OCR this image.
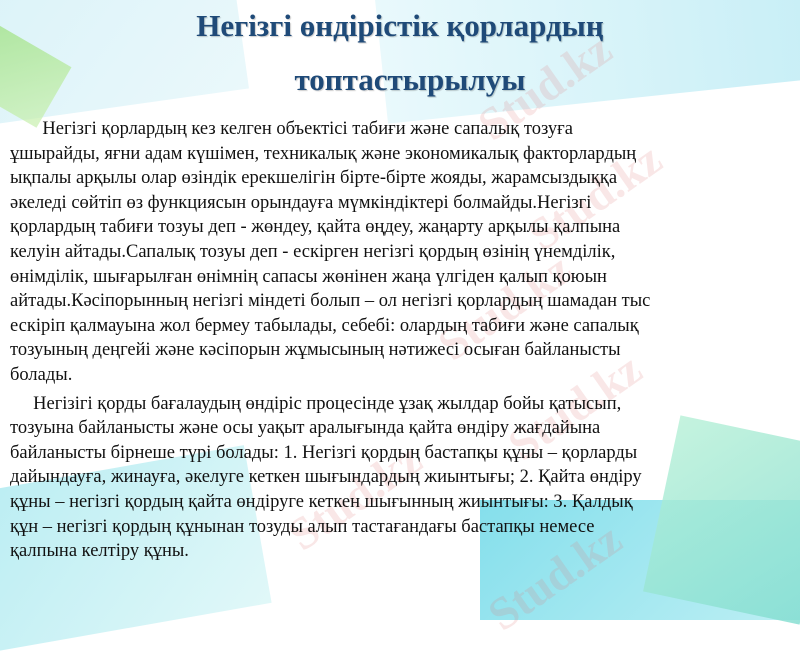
Stud.kz
Stud.kz
Stud.kz
Stud.kz
Stud.kz
Stud.kz
Негізгі өндірістік қорлардың
топтастырылуы

Негізгі қорлардың кез келген объектісі табиғи және сапалық тозуға
ұшырайды, яғни адам күшімен, техникалық және экономикалық факторлардың
ықпалы арқылы олар өзіндік ерекшелігін бірте-бірте жояды, жарамсыздыққа
әкеледі сөйтіп өз функциясын орындауға мүмкіндіктері болмайды.Негізгі
қорлардың табиғи тозуы деп - жөндеу, қайта өңдеу, жаңарту арқылы қалпына
келуін айтады.Сапалық тозуы деп - ескірген негізгі қордың өзінің үнемділік,
өнімділік, шығарылған өнімнің сапасы жөнінен жаңа үлгіден қалып қоюын
айтады.Кәсіпорынның негізгі міндеті болып – ол негізгі қорлардың шамадан тыс
ескіріп қалмауына жол бермеу табылады, себебі: олардың табиғи және сапалық
тозуының деңгейі және кәсіпорын жұмысының нәтижесі осыған байланысты
болады.

Негізігі қорды бағалаудың өндіріс процесінде ұзақ жылдар бойы қатысып,
тозуына байланысты және осы уақыт аралығында қайта өндіру жағдайына
байланысты бірнеше түрі болады: 1. Негізгі қордың бастапқы құны – қорларды
дайындауға, жинауға, әкелуге кеткен шығындардың жиынтығы; 2. Қайта өндіру
құны – негізгі қордың қайта өндіруге кеткен шығынның жиынтығы: 3. Қалдық
құн – негізгі қордың құнынан тозуды алып тастағандағы бастапқы немесе
қалпына келтіру құны.
